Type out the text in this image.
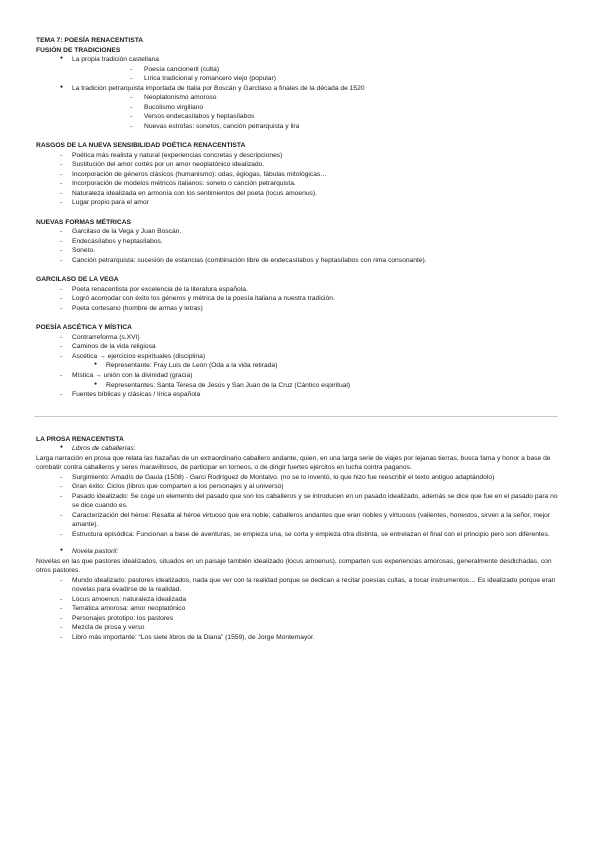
TEMA 7: POESÍA RENACENTISTA
FUSIÓN DE TRADICIONES
● La propia tradición castellana
- Poesía cancioneril (culta)
- Lírica tradicional y romancero viejo (popular)
● La tradición petrarquista importada de Italia por Boscán y Garcilaso a finales de la década de 1520
- Neoplatonismo amoroso
- Bucolismo virgiliano
- Versos endecasílabos y heptasílabos
- Nuevas estrofas: sonetos, canción petrarquista y lira
RASGOS DE LA NUEVA SENSIBILIDAD POÉTICA RENACENTISTA
- Poética más realista y natural (experiencias concretas y descripciones)
- Sustitución del amor cortés por un amor neoplatónico idealizado.
- Incorporación de géneros clásicos (humanismo): odas, églogas, fábulas mitológicas…
- Incorporación de modelos métricos italianos: soneto o canción petrarquista.
- Naturaleza idealizada en armonía con los sentimientos del poeta (locus amoenus).
- Lugar propio para el amor
NUEVAS FORMAS MÉTRICAS
- Garcilaso de la Vega y Juan Boscán.
- Endecasílabos y heptasílabos.
- Soneto.
- Canción petrarquista: sucesión de estancias (combinación libre de endecasílabos y heptasílabos con rima consonante).
GARCILASO DE LA VEGA
- Poeta renacentista por excelencia de la literatura española.
- Logró acomodar con éxito los géneros y métrica de la poesía italiana a nuestra tradición.
- Poeta cortesano (hombre de armas y letras)
POESÍA ASCÉTICA Y MÍSTICA
- Contrarreforma (s.XVI)
- Caminos de la vida religiosa
- Ascética → ejercicios espirituales (disciplina)
● Representante: Fray Luis de León (Oda a la vida retirada)
- Mística → unión con la divinidad (gracia)
● Representantes: Santa Teresa de Jesús y San Juan de la Cruz (Cántico espiritual)
- Fuentes bíblicas y clásicas / lírica española
LA PROSA RENACENTISTA
● Libros de caballerías:
Larga narración en prosa que relata las hazañas de un extraordinario caballero andante, quien, en una larga serie de viajes por lejanas tierras, busca fama y honor a base de combatir contra caballeros y seres maravillosos, de participar en torneos, o de dirigir fuertes ejércitos en lucha contra paganos.
-	Surgimiento: Amadís de Gaula (1508) - Garci Rodríguez de Montalvo. (no se lo inventó, lo que hizo fue reescribir el texto antiguo adaptándolo)
-	Gran éxito: Ciclos (libros que comparten a los personajes y al universo)
-	Pasado idealizado: Se coge un elemento del pasado que son los caballeros y se introducen en un pasado idealizado, además se dice que fue en el pasado para no se dice cuando es.
-	Caracterización del héroe: Resalta al héroe virtuoso que era noble; caballeros andantes que eran nobles y virtuosos (valientes, honestos, sirven a la señor, mejor amante).
-	Estructura episódica: Funcionan a base de aventuras, se empieza una, se corta y empieza otra distinta, se entrelazan el final con el principio pero son diferentes.
● Novela pastoril:
Novelas en las que pastores idealizados, situados en un paisaje también idealizado (locus amoenus), comparten sus experiencias amorosas, generalmente desdichadas, con otros pastores.
-	Mundo idealizado: pastores idealizados, nada que ver con la realidad porque se dedican a recitar poesías cultas, a tocar instrumentos… Es idealizado porque eran novelas para evadirse de la realidad.
-	Locus amoenus: naturaleza idealizada
-	Temática amorosa: amor neoplatónico
-	Personajes prototipo: los pastores
-	Mezcla de prosa y verso
-	Libro más importante: “Los siete libros de la Diana” (1559), de Jorge Montemayor.
